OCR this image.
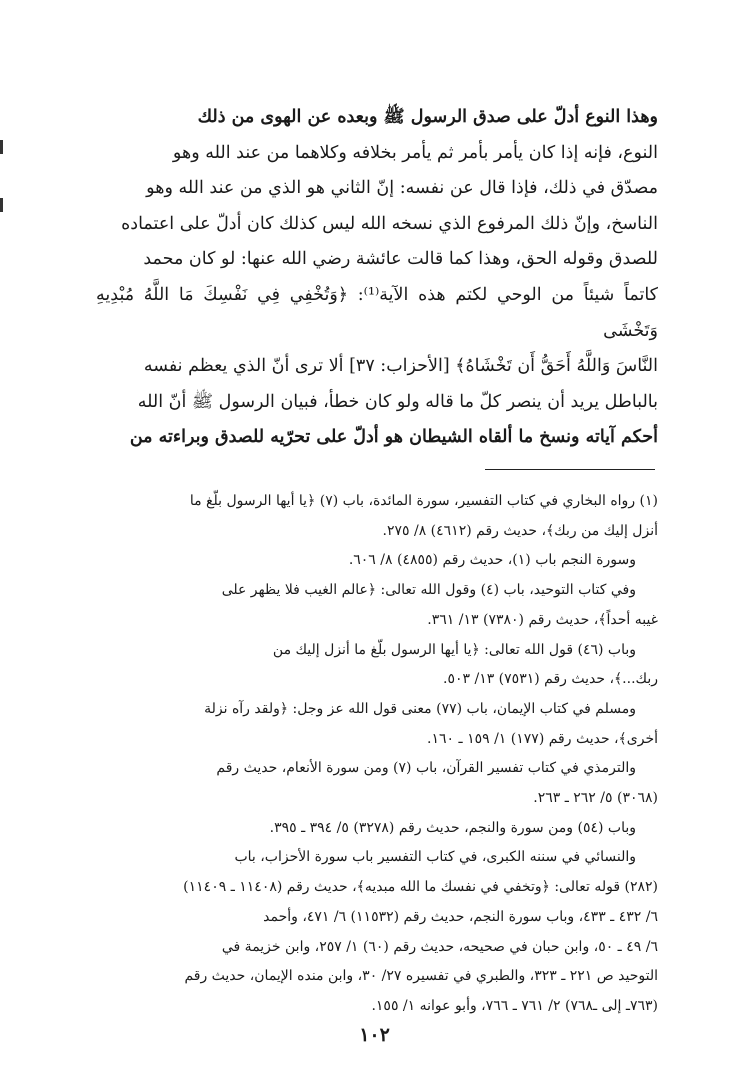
وهذا النوع أدلّ على صدق الرسول ﷺ وبعده عن الهوى من ذلك

النوع، فإنه إذا كان يأمر بأمر ثم يأمر بخلافه وكلاهما من عند الله وهو

مصدّق في ذلك، فإذا قال عن نفسه: إنّ الثاني هو الذي من عند الله وهو

الناسخ، وإنّ ذلك المرفوع الذي نسخه الله ليس كذلك كان أدلّ على اعتماده

للصدق وقوله الحق، وهذا كما قالت عائشة رضي الله عنها: لو كان محمد

كاتماً شيئاً من الوحي لكتم هذه الآية⁽¹⁾: ﴿وَتُخْفِي فِي نَفْسِكَ مَا اللَّهُ مُبْدِيهِ وَتَخْشَى

النَّاسَ وَاللَّهُ أَحَقُّ أَن تَخْشَاهُ﴾ [الأحزاب: ٣٧] ألا ترى أنّ الذي يعظم نفسه

بالباطل يريد أن ينصر كلّ ما قاله ولو كان خطأ، فبيان الرسول ﷺ أنّ الله

أحكم آياته ونسخ ما ألقاه الشيطان هو أدلّ على تحرّيه للصدق وبراءته من

(١) رواه البخاري في كتاب التفسير، سورة المائدة، باب (٧) ﴿يا أيها الرسول بلّغ ما

أنزل إليك من ربك﴾، حديث رقم (٤٦١٢) ٨/ ٢٧٥.

وسورة النجم باب (١)، حديث رقم (٤٨٥٥) ٨/ ٦٠٦.

وفي كتاب التوحيد، باب (٤) وقول الله تعالى: ﴿عالم الغيب فلا يظهر على

غيبه أحداً﴾، حديث رقم (٧٣٨٠) ١٣/ ٣٦١.

وباب (٤٦) قول الله تعالى: ﴿يا أيها الرسول بلّغ ما أنزل إليك من

ربك...﴾، حديث رقم (٧٥٣١) ١٣/ ٥٠٣.

ومسلم في كتاب الإيمان، باب (٧٧) معنى قول الله عز وجل: ﴿ولقد رآه نزلة

أخرى﴾، حديث رقم (١٧٧) ١/ ١٥٩ ـ ١٦٠.

والترمذي في كتاب تفسير القرآن، باب (٧) ومن سورة الأنعام، حديث رقم

(٣٠٦٨) ٥/ ٢٦٢ ـ ٢٦٣.

وباب (٥٤) ومن سورة والنجم، حديث رقم (٣٢٧٨) ٥/ ٣٩٤ ـ ٣٩٥.

والنسائي في سننه الكبرى، في كتاب التفسير باب سورة الأحزاب، باب

(٢٨٢) قوله تعالى: ﴿وتخفي في نفسك ما الله مبديه﴾، حديث رقم (١١٤٠٨ ـ ١١٤٠٩)

٦/ ٤٣٢ ـ ٤٣٣، وباب سورة النجم، حديث رقم (١١٥٣٢) ٦/ ٤٧١، وأحمد

٦/ ٤٩ ـ ٥٠، وابن حبان في صحيحه، حديث رقم (٦٠) ١/ ٢٥٧، وابن خزيمة في

التوحيد ص ٢٢١ ـ ٣٢٣، والطبري في تفسيره ٢٧/ ٣٠، وابن منده الإيمان، حديث رقم

(٧٦٣ـ إلى ـ٧٦٨) ٢/ ٧٦١ ـ ٧٦٦، وأبو عوانه ١/ ١٥٥.

١٠٢
